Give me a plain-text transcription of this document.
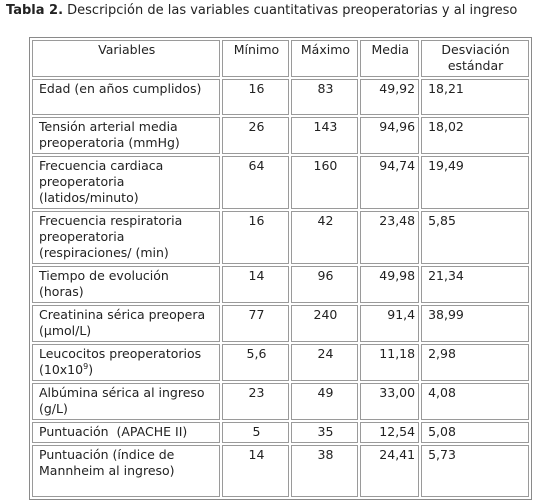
Tabla 2. Descripción de las variables cuantitativas preoperatorias y al ingreso
Variables	Mínimo	Máximo	Media	Desviación estándar
Edad (en años cumplidos)	16	83	49,92	18,21
Tensión arterial media preoperatoria (mmHg)	26	143	94,96	18,02
Frecuencia cardiaca preoperatoria (latidos/minuto)	64	160	94,74	19,49
Frecuencia respiratoria preoperatoria (respiraciones/ (min)	16	42	23,48	5,85
Tiempo de evolución (horas)	14	96	49,98	21,34
Creatinina sérica preopera (µmol/L)	77	240	91,4	38,99
Leucocitos preoperatorios $(10x10^9)$	5,6	24	11,18	2,98
Albúmina sérica al ingreso (g/L)	23	49	33,00	4,08
Puntuación  (APACHE II)	5	35	12,54	5,08
Puntuación (índice de Mannheim al ingreso)	14	38	24,41	5,73
